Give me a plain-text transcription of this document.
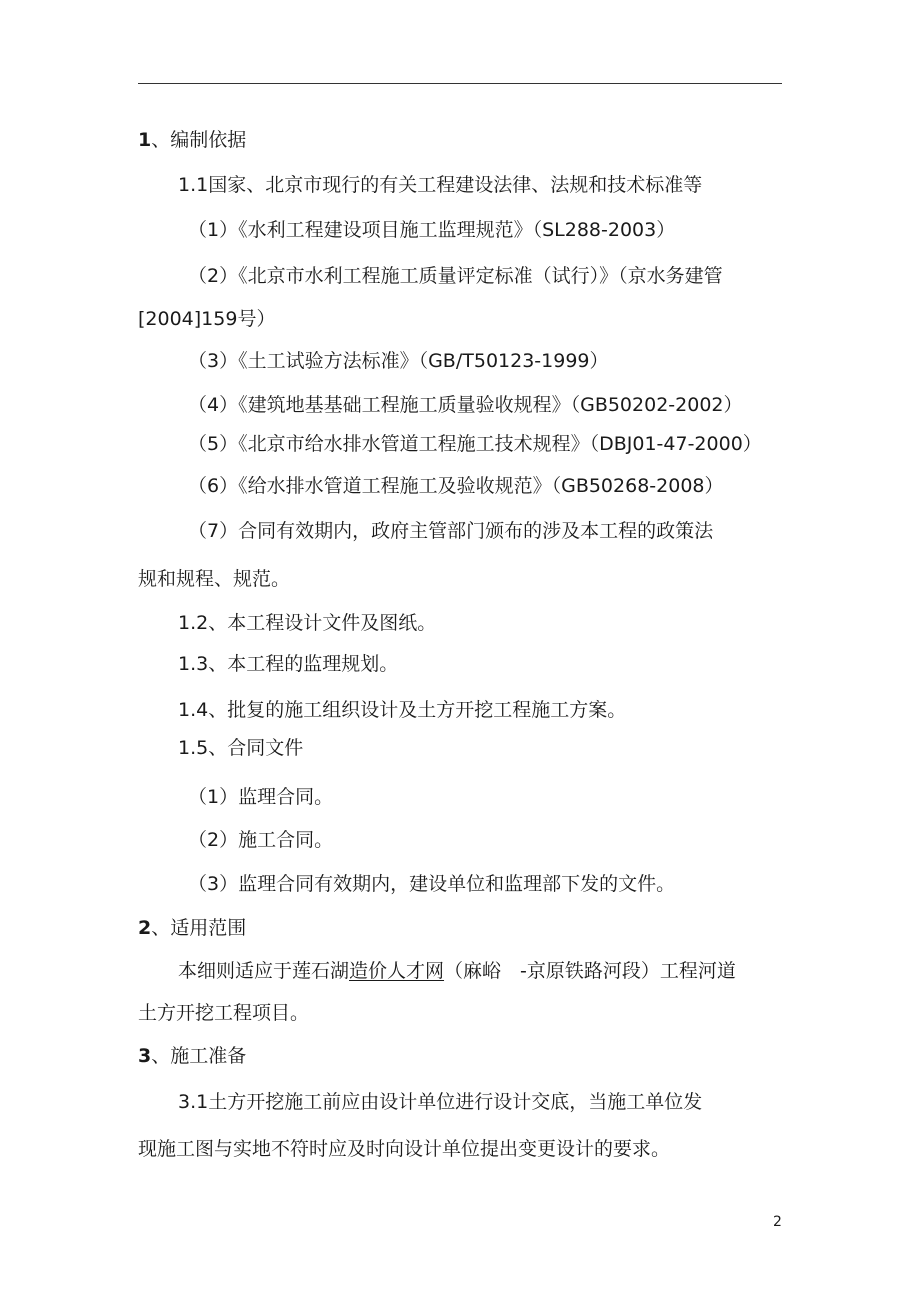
1、编制依据
1.1国家、北京市现行的有关工程建设法律、法规和技术标准等
（1）《水利工程建设项目施工监理规范》（SL288-2003）
（2）《北京市水利工程施工质量评定标准（试行）》（京水务建管
[2004]159号）
（3）《土工试验方法标准》（GB/T50123-1999）
（4）《建筑地基基础工程施工质量验收规程》（GB50202-2002）
（5）《北京市给水排水管道工程施工技术规程》（DBJ01-47-2000）
（6）《给水排水管道工程施工及验收规范》（GB50268-2008）
（7）合同有效期内，政府主管部门颁布的涉及本工程的政策法
规和规程、规范。
1.2、本工程设计文件及图纸。
1.3、本工程的监理规划。
1.4、批复的施工组织设计及土方开挖工程施工方案。
1.5、合同文件
（1）监理合同。
（2）施工合同。
（3）监理合同有效期内，建设单位和监理部下发的文件。
2、适用范围
本细则适应于莲石湖造价人才网（麻峪　-京原铁路河段）工程河道
土方开挖工程项目。
3、施工准备
3.1土方开挖施工前应由设计单位进行设计交底，当施工单位发
现施工图与实地不符时应及时向设计单位提出变更设计的要求。
2
